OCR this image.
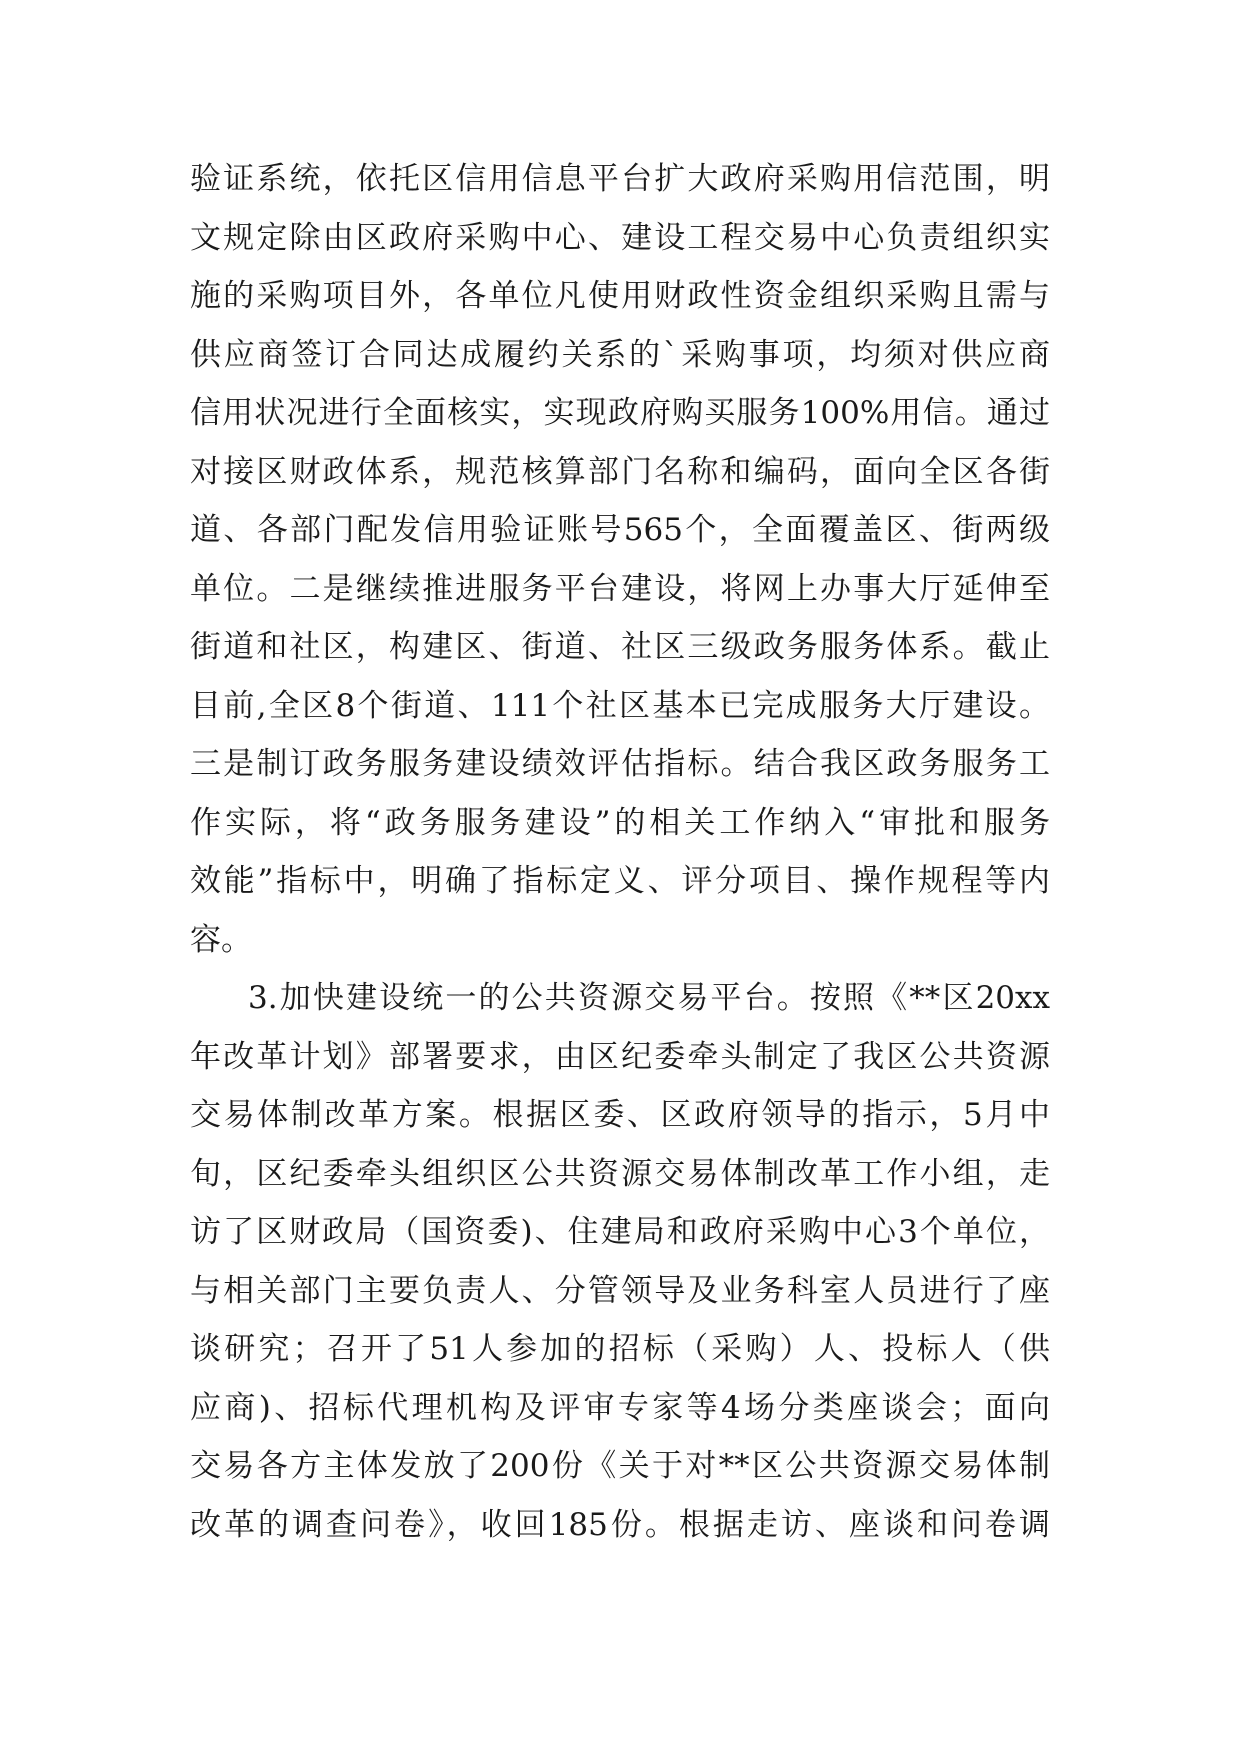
验证系统，依托区信用信息平台扩大政府采购用信范围，明
文规定除由区政府采购中心、建设工程交易中心负责组织实
施的采购项目外，各单位凡使用财政性资金组织采购且需与
供应商签订合同达成履约关系的`采购事项，均须对供应商
信用状况进行全面核实，实现政府购买服务100%用信。通过
对接区财政体系，规范核算部门名称和编码，面向全区各街
道、各部门配发信用验证账号565个，全面覆盖区、街两级
单位。二是继续推进服务平台建设，将网上办事大厅延伸至
街道和社区，构建区、街道、社区三级政务服务体系。截止
目前,全区8个街道、111个社区基本已完成服务大厅建设。
三是制订政务服务建设绩效评估指标。结合我区政务服务工
作实际，将“政务服务建设”的相关工作纳入“审批和服务
效能”指标中，明确了指标定义、评分项目、操作规程等内
容。
3.加快建设统一的公共资源交易平台。按照《**区20xx
年改革计划》部署要求，由区纪委牵头制定了我区公共资源
交易体制改革方案。根据区委、区政府领导的指示，5月中
旬，区纪委牵头组织区公共资源交易体制改革工作小组，走
访了区财政局（国资委)、住建局和政府采购中心3个单位，
与相关部门主要负责人、分管领导及业务科室人员进行了座
谈研究；召开了51人参加的招标（采购）人、投标人（供
应商)、招标代理机构及评审专家等4场分类座谈会；面向
交易各方主体发放了200份《关于对**区公共资源交易体制
改革的调查问卷》，收回185份。根据走访、座谈和问卷调
